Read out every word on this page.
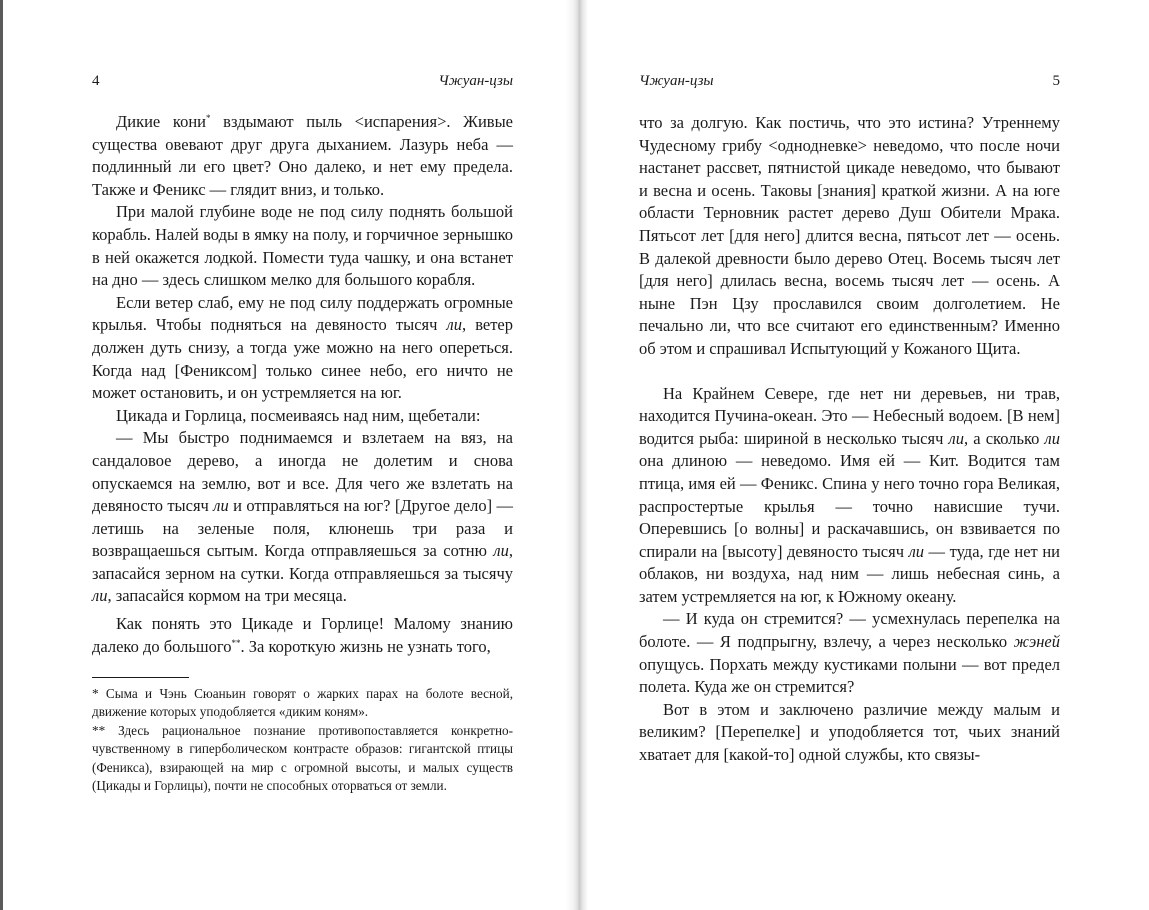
4	Чжуан-цзы

Дикие кони* вздымают пыль <испарения>. Живые существа овевают друг друга дыханием. Лазурь неба — подлинный ли его цвет? Оно далеко, и нет ему предела. Также и Феникс — глядит вниз, и только.

При малой глубине воде не под силу поднять большой корабль. Налей воды в ямку на полу, и горчичное зернышко в ней окажется лодкой. Помести туда чашку, и она встанет на дно — здесь слишком мелко для большого корабля.

Если ветер слаб, ему не под силу поддержать огромные крылья. Чтобы подняться на девяносто тысяч ли, ветер должен дуть снизу, а тогда уже можно на него опереться. Когда над [Фениксом] только синее небо, его ничто не может остановить, и он устремляется на юг.

Цикада и Горлица, посмеиваясь над ним, щебетали:

— Мы быстро поднимаемся и взлетаем на вяз, на сандаловое дерево, а иногда не долетим и снова опускаемся на землю, вот и все. Для чего же взлетать на девяносто тысяч ли и отправляться на юг? [Другое дело] — летишь на зеленые поля, клюнешь три раза и возвращаешься сытым. Когда отправляешься за сотню ли, запасайся зерном на сутки. Когда отправляешься за тысячу ли, запасайся кормом на три месяца.

Как понять это Цикаде и Горлице! Малому знанию далеко до большого**. За короткую жизнь не узнать того,

* Сыма и Чэнь Сюаньин говорят о жарких парах на болоте весной, движение которых уподобляется «диким коням».

** Здесь рациональное познание противопоставляется конкретно-чувственному в гиперболическом контрасте образов: гигантской птицы (Феникса), взирающей на мир с огромной высоты, и малых существ (Цикады и Горлицы), почти не способных оторваться от земли.

Чжуан-цзы	5

что за долгую. Как постичь, что это истина? Утреннему Чудесному грибу <однодневке> неведомо, что после ночи настанет рассвет, пятнистой цикаде неведомо, что бывают и весна и осень. Таковы [знания] краткой жизни. А на юге области Терновник растет дерево Душ Обители Мрака. Пятьсот лет [для него] длится весна, пятьсот лет — осень. В далекой древности было дерево Отец. Восемь тысяч лет [для него] длилась весна, восемь тысяч лет — осень. А ныне Пэн Цзу прославился своим долголетием. Не печально ли, что все считают его единственным? Именно об этом и спрашивал Испытующий у Кожаного Щита.

На Крайнем Севере, где нет ни деревьев, ни трав, находится Пучина-океан. Это — Небесный водоем. [В нем] водится рыба: шириной в несколько тысяч ли, а сколько ли она длиною — неведомо. Имя ей — Кит. Водится там птица, имя ей — Феникс. Спина у него точно гора Великая, распростертые крылья — точно нависшие тучи. Оперевшись [о волны] и раскачавшись, он взвивается по спирали на [высоту] девяносто тысяч ли — туда, где нет ни облаков, ни воздуха, над ним — лишь небесная синь, а затем устремляется на юг, к Южному океану.

— И куда он стремится? — усмехнулась перепелка на болоте. — Я подпрыгну, взлечу, а через несколько жэней опущусь. Порхать между кустиками полыни — вот предел полета. Куда же он стремится?

Вот в этом и заключено различие между малым и великим? [Перепелке] и уподобляется тот, чьих знаний хватает для [какой-то] одной службы, кто связы-
